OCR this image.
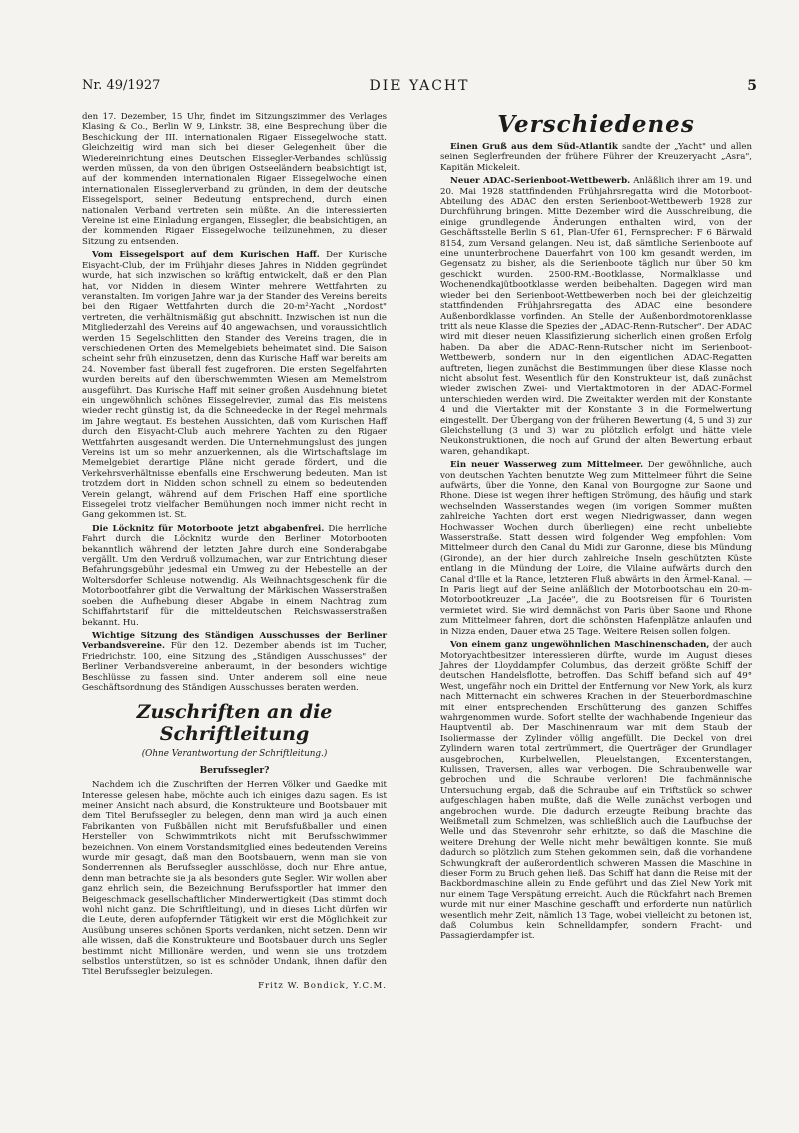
Nr. 49/1927	DIE YACHT	5

den 17. Dezember, 15 Uhr, findet im Sitzungszimmer des Verlages Klasing & Co., Berlin W 9, Linkstr. 38, eine Besprechung über die Beschickung der III. internationalen Rigaer Eissegelwoche statt. Gleichzeitig wird man sich bei dieser Gelegenheit über die Wiedereinrichtung eines Deutschen Eissegler-Verbandes schlüssig werden müssen, da von den übrigen Ostseeländern beabsichtigt ist, auf der kommenden internationalen Rigaer Eissegelwoche einen internationalen Eisseglerverband zu gründen, in dem der deutsche Eissegelsport, seiner Bedeutung entsprechend, durch einen nationalen Verband vertreten sein müßte. An die interessierten Vereine ist eine Einladung ergangen, Eissegler, die beabsichtigen, an der kommenden Rigaer Eissegelwoche teilzunehmen, zu dieser Sitzung zu entsenden.

Vom Eissegelsport auf dem Kurischen Haff. Der Kurische Eisyacht-Club, der im Frühjahr dieses Jahres in Nidden gegründet wurde, hat sich inzwischen so kräftig entwickelt, daß er den Plan hat, vor Nidden in diesem Winter mehrere Wettfahrten zu veranstalten. Im vorigen Jahre war ja der Stander des Vereins bereits bei den Rigaer Wettfahrten durch die 20-m²-Yacht „Nordost" vertreten, die verhältnismäßig gut abschnitt. Inzwischen ist nun die Mitgliederzahl des Vereins auf 40 angewachsen, und voraussichtlich werden 15 Segelschlitten den Stander des Vereins tragen, die in verschiedenen Orten des Memelgebiets beheimatet sind. Die Saison scheint sehr früh einzusetzen, denn das Kurische Haff war bereits am 24. November fast überall fest zugefroren. Die ersten Segelfahrten wurden bereits auf den überschwemmten Wiesen am Memelstrom ausgeführt. Das Kurische Haff mit seiner großen Ausdehnung bietet ein ungewöhnlich schönes Eissegelrevier, zumal das Eis meistens wieder recht günstig ist, da die Schneedecke in der Regel mehrmals im Jahre wegtaut. Es bestehen Aussichten, daß vom Kurischen Haff durch den Eisyacht-Club auch mehrere Yachten zu den Rigaer Wettfahrten ausgesandt werden. Die Unternehmungslust des jungen Vereins ist um so mehr anzuerkennen, als die Wirtschaftslage im Memelgebiet derartige Pläne nicht gerade fördert, und die Verkehrsverhältnisse ebenfalls eine Erschwerung bedeuten. Man ist trotzdem dort in Nidden schon schnell zu einem so bedeutenden Verein gelangt, während auf dem Frischen Haff eine sportliche Eissegelei trotz vielfacher Bemühungen noch immer nicht recht in Gang gekommen ist. St.

Die Löcknitz für Motorboote jetzt abgabenfrei. Die herrliche Fahrt durch die Löcknitz wurde den Berliner Motorbooten bekanntlich während der letzten Jahre durch eine Sonderabgabe vergällt. Um den Verdruß vollzumachen, war zur Entrichtung dieser Befahrungsgebühr jedesmal ein Umweg zu der Hebestelle an der Woltersdorfer Schleuse notwendig. Als Weihnachtsgeschenk für die Motorbootfahrer gibt die Verwaltung der Märkischen Wasserstraßen soeben die Aufhebung dieser Abgabe in einem Nachtrag zum Schiffahrtstarif für die mitteldeutschen Reichswasserstraßen bekannt. Hu.

Wichtige Sitzung des Ständigen Ausschusses der Berliner Verbandsvereine. Für den 12. Dezember abends ist im Tucher, Friedrichstr. 100, eine Sitzung des „Ständigen Ausschusses" der Berliner Verbandsvereine anberaumt, in der besonders wichtige Beschlüsse zu fassen sind. Unter anderem soll eine neue Geschäftsordnung des Ständigen Ausschusses beraten werden.

Zuschriften an die Schriftleitung
(Ohne Verantwortung der Schriftleitung.)
Berufssegler?

Nachdem ich die Zuschriften der Herren Völker und Gaedke mit Interesse gelesen habe, möchte auch ich einiges dazu sagen. Es ist meiner Ansicht nach absurd, die Konstrukteure und Bootsbauer mit dem Titel Berufssegler zu belegen, denn man wird ja auch einen Fabrikanten von Fußbällen nicht mit Berufsfußballer und einen Hersteller von Schwimmtrikots nicht mit Berufsschwimmer bezeichnen. Von einem Vorstandsmitglied eines bedeutenden Vereins wurde mir gesagt, daß man den Bootsbauern, wenn man sie von Sonderrennen als Berufssegler ausschlösse, doch nur Ehre antue, denn man betrachte sie ja als besonders gute Segler. Wir wollen aber ganz ehrlich sein, die Bezeichnung Berufssportler hat immer den Beigeschmack gesellschaftlicher Minderwertigkeit (Das stimmt doch wohl nicht ganz. Die Schriftleitung), und in dieses Licht dürfen wir die Leute, deren aufopfernder Tätigkeit wir erst die Möglichkeit zur Ausübung unseres schönen Sports verdanken, nicht setzen. Denn wir alle wissen, daß die Konstrukteure und Bootsbauer durch uns Segler bestimmt nicht Millionäre werden, und wenn sie uns trotzdem selbstlos unterstützen, so ist es schnöder Undank, ihnen dafür den Titel Berufssegler beizulegen.

Fritz W. Bondick, Y.C.M.
Verschiedenes

Einen Gruß aus dem Süd-Atlantik sandte der „Yacht" und allen seinen Seglerfreunden der frühere Führer der Kreuzeryacht „Asra", Kapitän Mickeleit.

Neuer ADAC-Serienboot-Wettbewerb. Anläßlich ihrer am 19. und 20. Mai 1928 stattfindenden Frühjahrsregatta wird die Motorboot-Abteilung des ADAC den ersten Serienboot-Wettbewerb 1928 zur Durchführung bringen. Mitte Dezember wird die Ausschreibung, die einige grundlegende Änderungen enthalten wird, von der Geschäftsstelle Berlin S 61, Plan-Ufer 61, Fernsprecher: F 6 Bärwald 8154, zum Versand gelangen. Neu ist, daß sämtliche Serienboote auf eine ununterbrochene Dauerfahrt von 100 km gesandt werden, im Gegensatz zu bisher, als die Serienboote täglich nur über 50 km geschickt wurden. 2500-RM.-Bootklasse, Normalklasse und Wochenendkajütbootklasse werden beibehalten. Dagegen wird man wieder bei den Serienboot-Wettbewerben noch bei der gleichzeitig stattfindenden Frühjahrsregatta des ADAC eine besondere Außenbordklasse vorfinden. An Stelle der Außenbordmotorenklasse tritt als neue Klasse die Spezies der „ADAC-Renn-Rutscher". Der ADAC wird mit dieser neuen Klassifizierung sicherlich einen großen Erfolg haben. Da aber die ADAC-Renn-Rutscher nicht im Serienboot-Wettbewerb, sondern nur in den eigentlichen ADAC-Regatten auftreten, liegen zunächst die Bestimmungen über diese Klasse noch nicht absolut fest. Wesentlich für den Konstrukteur ist, daß zunächst wieder zwischen Zwei- und Viertaktmotoren in der ADAC-Formel unterschieden werden wird. Die Zweitakter werden mit der Konstante 4 und die Viertakter mit der Konstante 3 in die Formelwertung eingestellt. Der Übergang von der früheren Bewertung (4, 5 und 3) zur Gleichstellung (3 und 3) war zu plötzlich erfolgt und hätte viele Neukonstruktionen, die noch auf Grund der alten Bewertung erbaut waren, gehandikapt.

Ein neuer Wasserweg zum Mittelmeer. Der gewöhnliche, auch von deutschen Yachten benutzte Weg zum Mittelmeer führt die Seine aufwärts, über die Yonne, den Kanal von Bourgogne zur Saone und Rhone. Diese ist wegen ihrer heftigen Strömung, des häufig und stark wechselnden Wasserstandes wegen (im vorigen Sommer mußten zahlreiche Yachten dort erst wegen Niedrigwasser, dann wegen Hochwasser Wochen durch überliegen) eine recht unbeliebte Wasserstraße. Statt dessen wird folgender Weg empfohlen: Vom Mittelmeer durch den Canal du Midi zur Garonne, diese bis Mündung (Gironde), an der hier durch zahlreiche Inseln geschützten Küste entlang in die Mündung der Loire, die Vilaine aufwärts durch den Canal d'Ille et la Rance, letzteren Fluß abwärts in den Ärmel-Kanal. — In Paris liegt auf der Seine anläßlich der Motorbootschau ein 20-m-Motorbootkreuzer „La Jacée", die zu Bootsreisen für 6 Touristen vermietet wird. Sie wird demnächst von Paris über Saone und Rhone zum Mittelmeer fahren, dort die schönsten Hafenplätze anlaufen und in Nizza enden, Dauer etwa 25 Tage. Weitere Reisen sollen folgen.

Von einem ganz ungewöhnlichen Maschinenschaden, der auch Motoryachtbesitzer interessieren dürfte, wurde im August dieses Jahres der Lloyddampfer Columbus, das derzeit größte Schiff der deutschen Handelsflotte, betroffen. Das Schiff befand sich auf 49° West, ungefähr noch ein Drittel der Entfernung vor New York, als kurz nach Mitternacht ein schweres Krachen in der Steuerbordmaschine mit einer entsprechenden Erschütterung des ganzen Schiffes wahrgenommen wurde. Sofort stellte der wachhabende Ingenieur das Hauptventil ab. Der Maschinenraum war mit dem Staub der Isoliermasse der Zylinder völlig angefüllt. Die Deckel von drei Zylindern waren total zertrümmert, die Querträger der Grundlager ausgebrochen, Kurbelwellen, Pleuelstangen, Excenterstangen, Kulissen, Traversen, alles war verbogen. Die Schraubenwelle war gebrochen und die Schraube verloren! Die fachmännische Untersuchung ergab, daß die Schraube auf ein Triftstück so schwer aufgeschlagen haben mußte, daß die Welle zunächst verbogen und angebrochen wurde. Die dadurch erzeugte Reibung brachte das Weißmetall zum Schmelzen, was schließlich auch die Laufbuchse der Welle und das Stevenrohr sehr erhitzte, so daß die Maschine die weitere Drehung der Welle nicht mehr bewältigen konnte. Sie muß dadurch so plötzlich zum Stehen gekommen sein, daß die vorhandene Schwungkraft der außerordentlich schweren Massen die Maschine in dieser Form zu Bruch gehen ließ. Das Schiff hat dann die Reise mit der Backbordmaschine allein zu Ende geführt und das Ziel New York mit nur einem Tage Verspätung erreicht. Auch die Rückfahrt nach Bremen wurde mit nur einer Maschine geschafft und erforderte nun natürlich wesentlich mehr Zeit, nämlich 13 Tage, wobei vielleicht zu betonen ist, daß Columbus kein Schnelldampfer, sondern Fracht- und Passagierdampfer ist.
